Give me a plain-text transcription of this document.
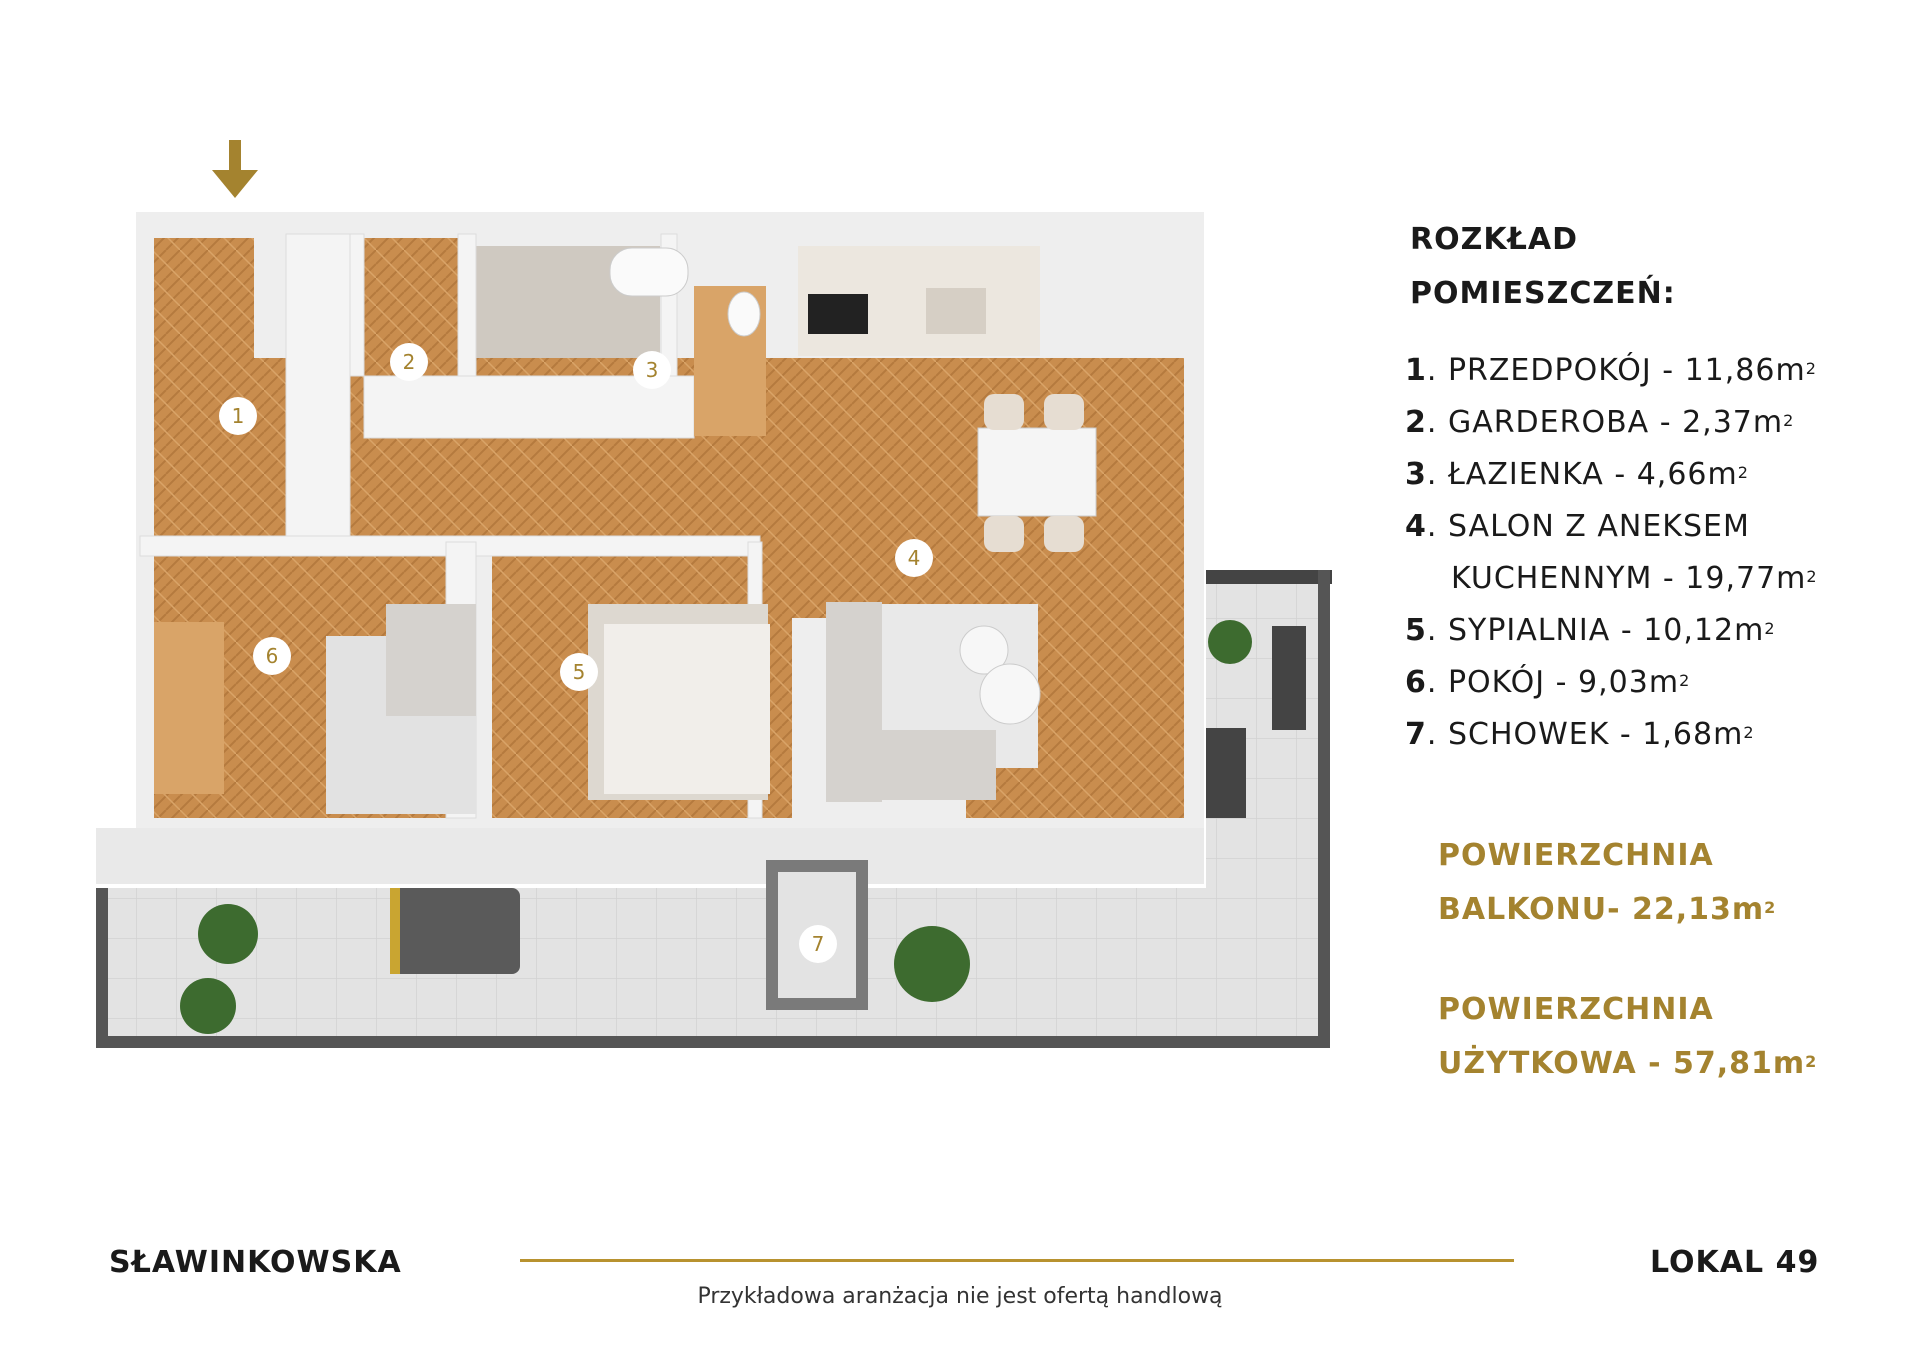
1
2	3
4
5
6
7
ROZKŁAD
POMIESZCZEŃ:
1. PRZEDPOKÓJ - $11,86m^2$
2. GARDEROBA - $2,37m^2$
3. ŁAZIENKA - $4,66m^2$
4. SALON Z ANEKSEM
KUCHENNYM - $19,77m^2$
5. SYPIALNIA - $10,12m^2$
6. POKÓJ - $9,03m^2$
7. SCHOWEK - $1,68m^2$
POWIERZCHNIA
BALKONU- $22,13m^2$
POWIERZCHNIA
UŻYTKOWA - $57,81m^2$
SŁAWINKOWSKA	LOKAL 49
Przykładowa aranżacja nie jest ofertą handlową
